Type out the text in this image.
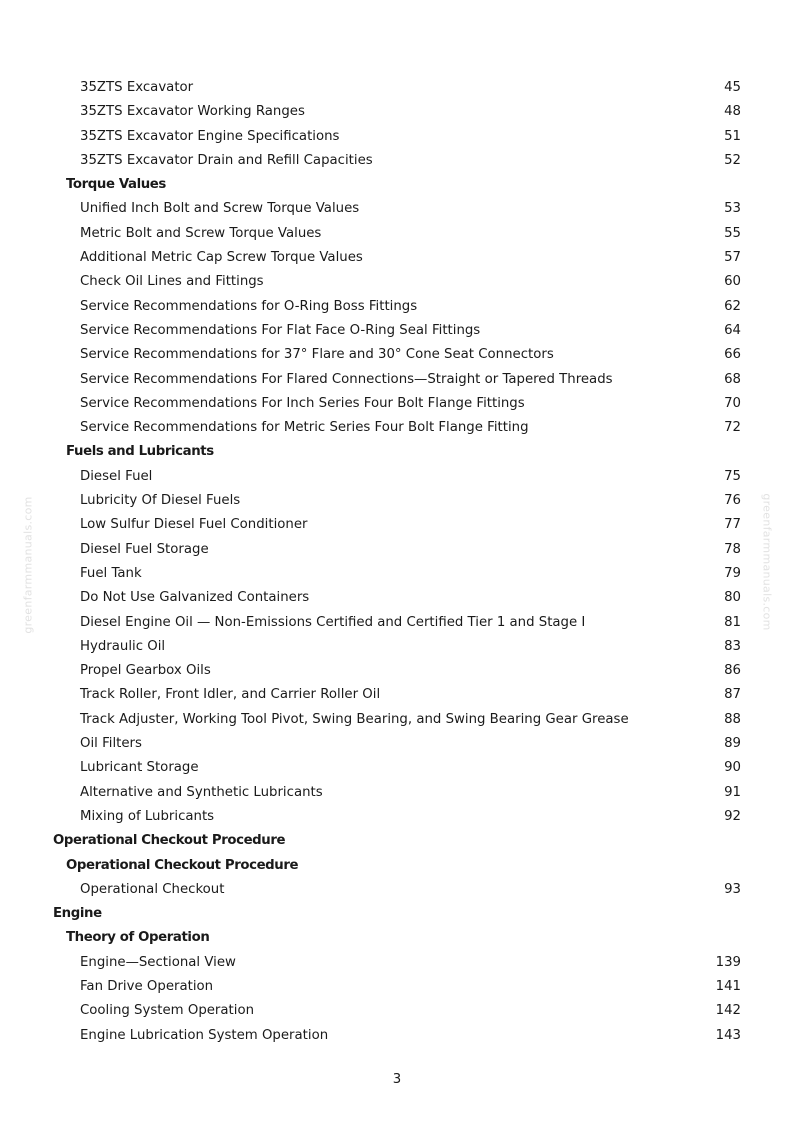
greenfarmmanuals.com	greenfarmmanuals.com
35ZTS Excavator	45
35ZTS Excavator Working Ranges	48
35ZTS Excavator Engine Specifications	51
35ZTS Excavator Drain and Refill Capacities	52
Torque Values
Unified Inch Bolt and Screw Torque Values	53
Metric Bolt and Screw Torque Values	55
Additional Metric Cap Screw Torque Values	57
Check Oil Lines and Fittings	60
Service Recommendations for O-Ring Boss Fittings	62
Service Recommendations For Flat Face O-Ring Seal Fittings	64
Service Recommendations for 37° Flare and 30° Cone Seat Connectors	66
Service Recommendations For Flared Connections—Straight or Tapered Threads	68
Service Recommendations For Inch Series Four Bolt Flange Fittings	70
Service Recommendations for Metric Series Four Bolt Flange Fitting	72
Fuels and Lubricants
Diesel Fuel	75
Lubricity Of Diesel Fuels	76
Low Sulfur Diesel Fuel Conditioner	77
Diesel Fuel Storage	78
Fuel Tank	79
Do Not Use Galvanized Containers	80
Diesel Engine Oil — Non-Emissions Certified and Certified Tier 1 and Stage I	81
Hydraulic Oil	83
Propel Gearbox Oils	86
Track Roller, Front Idler, and Carrier Roller Oil	87
Track Adjuster, Working Tool Pivot, Swing Bearing, and Swing Bearing Gear Grease	88
Oil Filters	89
Lubricant Storage	90
Alternative and Synthetic Lubricants	91
Mixing of Lubricants	92
Operational Checkout Procedure
Operational Checkout Procedure
Operational Checkout	93
Engine
Theory of Operation
Engine—Sectional View	139
Fan Drive Operation	141
Cooling System Operation	142
Engine Lubrication System Operation	143
3
